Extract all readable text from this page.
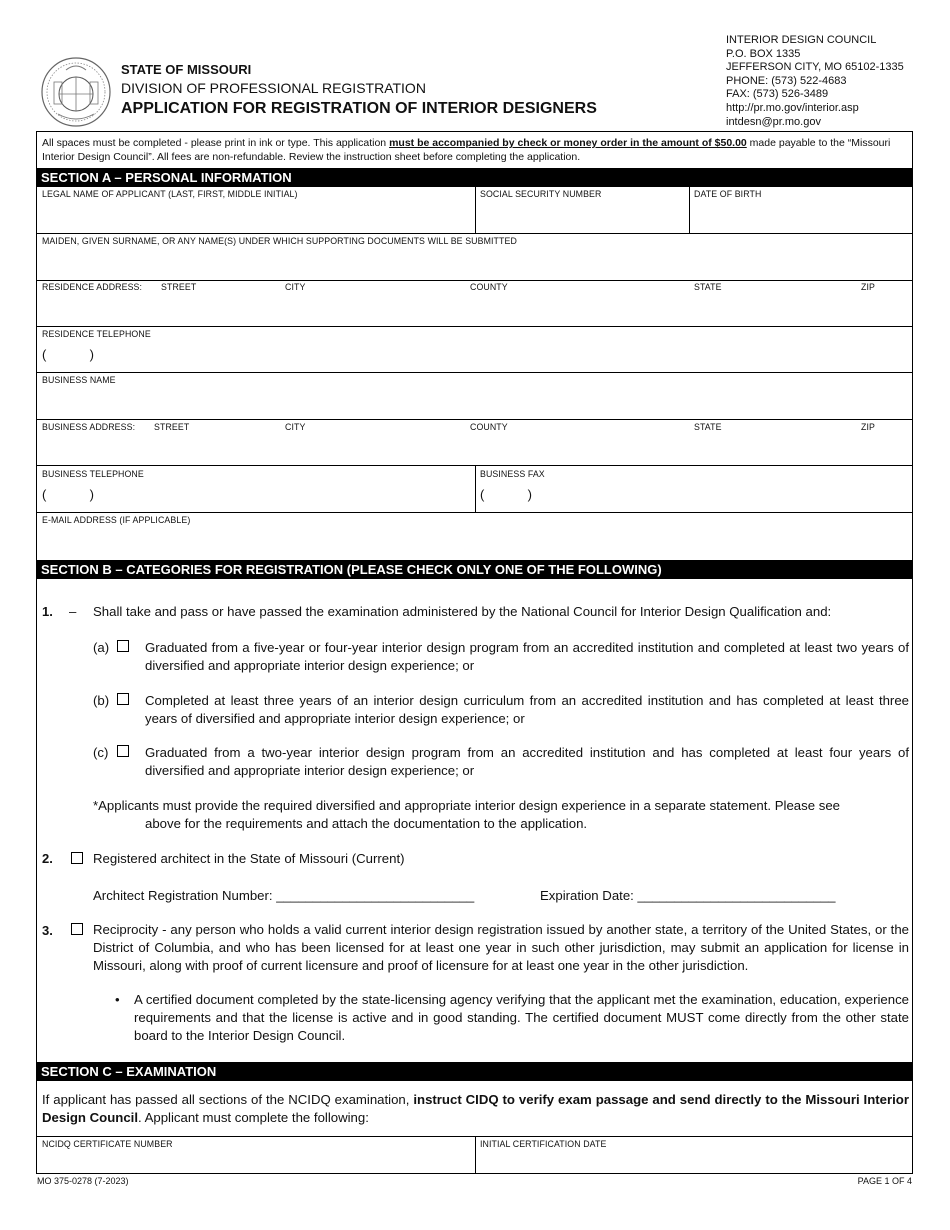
STATE OF MISSOURI
DIVISION OF PROFESSIONAL REGISTRATION
APPLICATION FOR REGISTRATION OF INTERIOR DESIGNERS
INTERIOR DESIGN COUNCIL
P.O. BOX 1335
JEFFERSON CITY, MO 65102-1335
PHONE: (573) 522-4683
FAX: (573) 526-3489
http://pr.mo.gov/interior.asp
intdesn@pr.mo.gov
All spaces must be completed - please print in ink or type. This application must be accompanied by check or money order in the amount of $50.00 made payable to the “Missouri Interior Design Council”. All fees are non-refundable. Review the instruction sheet before completing the application.
SECTION A – PERSONAL INFORMATION
LEGAL NAME OF APPLICANT (LAST, FIRST, MIDDLE INITIAL)	SOCIAL SECURITY NUMBER	DATE OF BIRTH
MAIDEN, GIVEN SURNAME, OR ANY NAME(S) UNDER WHICH SUPPORTING DOCUMENTS WILL BE SUBMITTED
RESIDENCE ADDRESS: STREET	CITY	COUNTY	STATE	ZIP
RESIDENCE TELEPHONE
(            )
BUSINESS NAME
BUSINESS ADDRESS: STREET	CITY	COUNTY	STATE	ZIP
BUSINESS TELEPHONE	BUSINESS FAX
(            )	(            )
E-MAIL ADDRESS (IF APPLICABLE)
SECTION B – CATEGORIES FOR REGISTRATION (PLEASE CHECK ONLY ONE OF THE FOLLOWING)
1. – Shall take and pass or have passed the examination administered by the National Council for Interior Design Qualification and:
(a)	Graduated from a five-year or four-year interior design program from an accredited institution and completed at least two years of diversified and appropriate interior design experience; or
(b)	Completed at least three years of an interior design curriculum from an accredited institution and has completed at least three years of diversified and appropriate interior design experience; or
(c)	Graduated from a two-year interior design program from an accredited institution and has completed at least four years of diversified and appropriate interior design experience; or
*Applicants must provide the required diversified and appropriate interior design experience in a separate statement. Please see
above for the requirements and attach the documentation to the application.
2.	Registered architect in the State of Missouri (Current)
Architect Registration Number: ___________________________	Expiration Date: ___________________________
3.	Reciprocity - any person who holds a valid current interior design registration issued by another state, a territory of the United States, or the District of Columbia, and who has been licensed for at least one year in such other jurisdiction, may submit an application for license in Missouri, along with proof of current licensure and proof of licensure for at least one year in the other jurisdiction.
• A certified document completed by the state-licensing agency verifying that the applicant met the examination, education, experience requirements and that the license is active and in good standing. The certified document MUST come directly from the other state board to the Interior Design Council.
SECTION C – EXAMINATION
If applicant has passed all sections of the NCIDQ examination, instruct CIDQ to verify exam passage and send directly to the Missouri Interior Design Council. Applicant must complete the following:
NCIDQ CERTIFICATE NUMBER	INITIAL CERTIFICATION DATE
MO 375-0278 (7-2023)	PAGE 1 OF 4
